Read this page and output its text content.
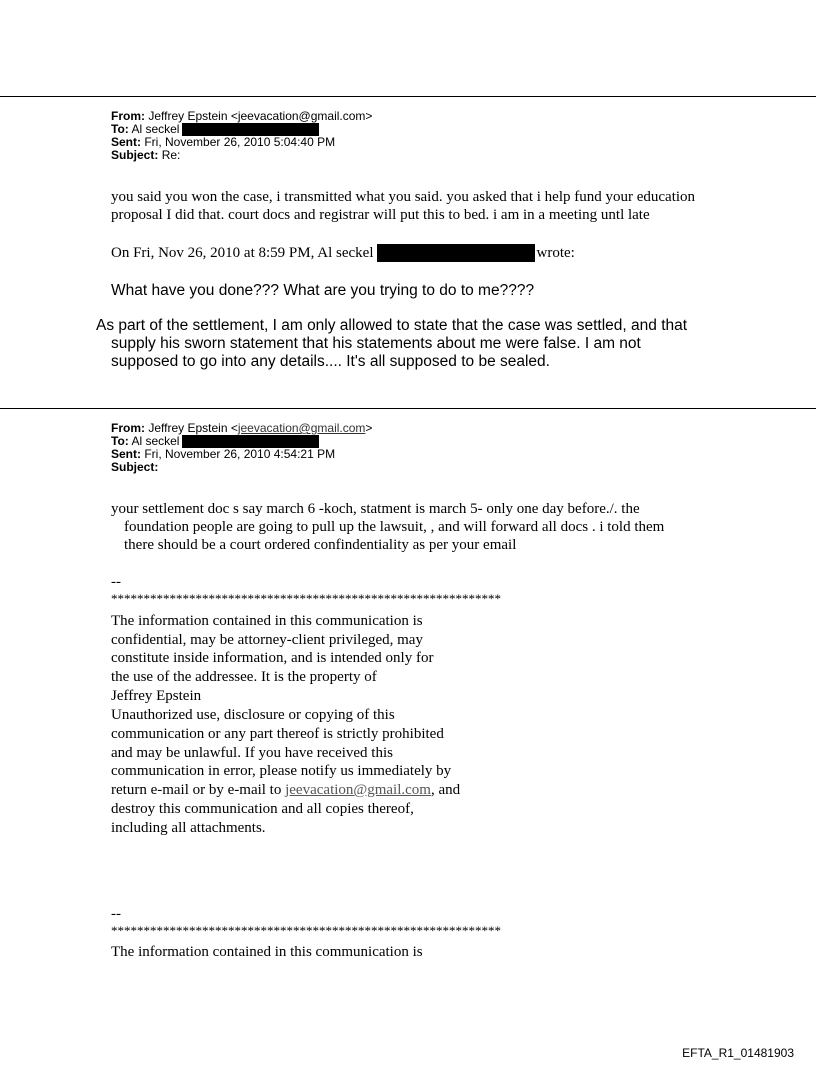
From: Jeffrey Epstein <jeevacation@gmail.com>
To: Al seckel
Sent: Fri, November 26, 2010 5:04:40 PM
Subject: Re:
you said you won the case, i transmitted what you said. you asked that i help fund your education
proposal I did that. court docs and registrar will put this to bed. i am in a meeting untl late
On Fri, Nov 26, 2010 at 8:59 PM, Al seckel	wrote:
What have you done??? What are you trying to do to me????
As part of the settlement, I am only allowed to state that the case was settled, and that
supply his sworn statement that his statements about me were false. I am not
supposed to go into any details.... It's all supposed to be sealed.
From: Jeffrey Epstein <jeevacation@gmail.com>
To: Al seckel
Sent: Fri, November 26, 2010 4:54:21 PM
Subject:
your settlement doc s say march 6 -koch, statment is march 5- only one day before./. the
foundation people are going to pull up the lawsuit, , and will forward all docs . i told them
there should be a court ordered confindentiality as per your email
--
************************************************************
The information contained in this communication is
confidential, may be attorney-client privileged, may
constitute inside information, and is intended only for
the use of the addressee. It is the property of
Jeffrey Epstein
Unauthorized use, disclosure or copying of this
communication or any part thereof is strictly prohibited
and may be unlawful. If you have received this
communication in error, please notify us immediately by
return e-mail or by e-mail to jeevacation@gmail.com, and
destroy this communication and all copies thereof,
including all attachments.
--
************************************************************
The information contained in this communication is
EFTA_R1_01481903
